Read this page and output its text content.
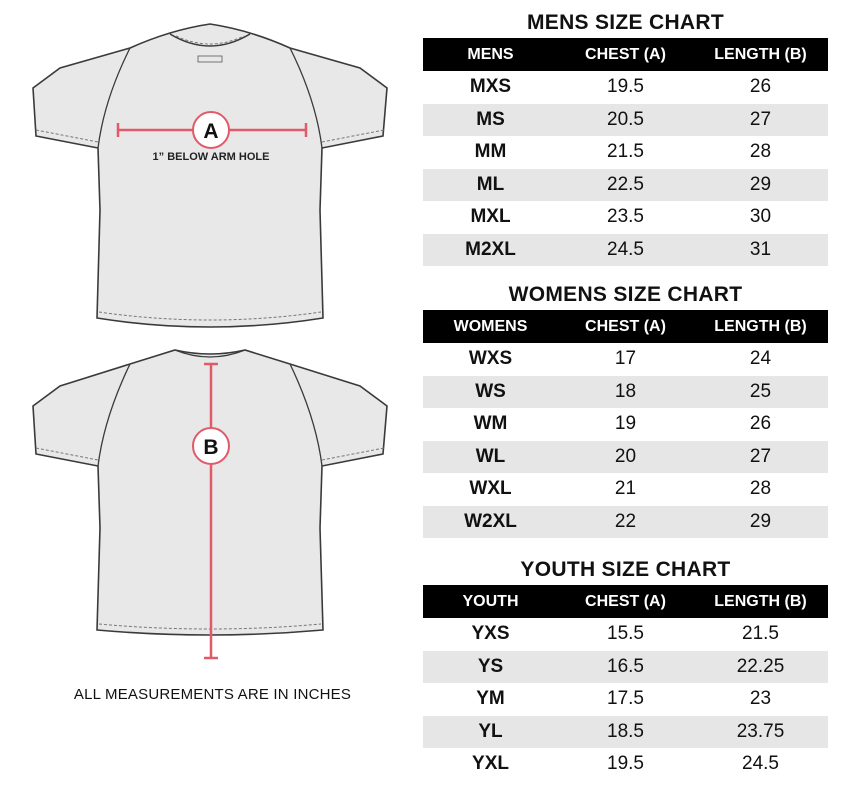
A
1” BELOW ARM HOLE
B
ALL MEASUREMENTS ARE IN INCHES
MENS SIZE CHART
MENS	CHEST (A)	LENGTH (B)
MXS	19.5	26
MS	20.5	27
MM	21.5	28
ML	22.5	29
MXL	23.5	30
M2XL	24.5	31
WOMENS SIZE CHART
WOMENS	CHEST (A)	LENGTH (B)
WXS	17	24
WS	18	25
WM	19	26
WL	20	27
WXL	21	28
W2XL	22	29
YOUTH SIZE CHART
YOUTH	CHEST (A)	LENGTH (B)
YXS	15.5	21.5
YS	16.5	22.25
YM	17.5	23
YL	18.5	23.75
YXL	19.5	24.5
